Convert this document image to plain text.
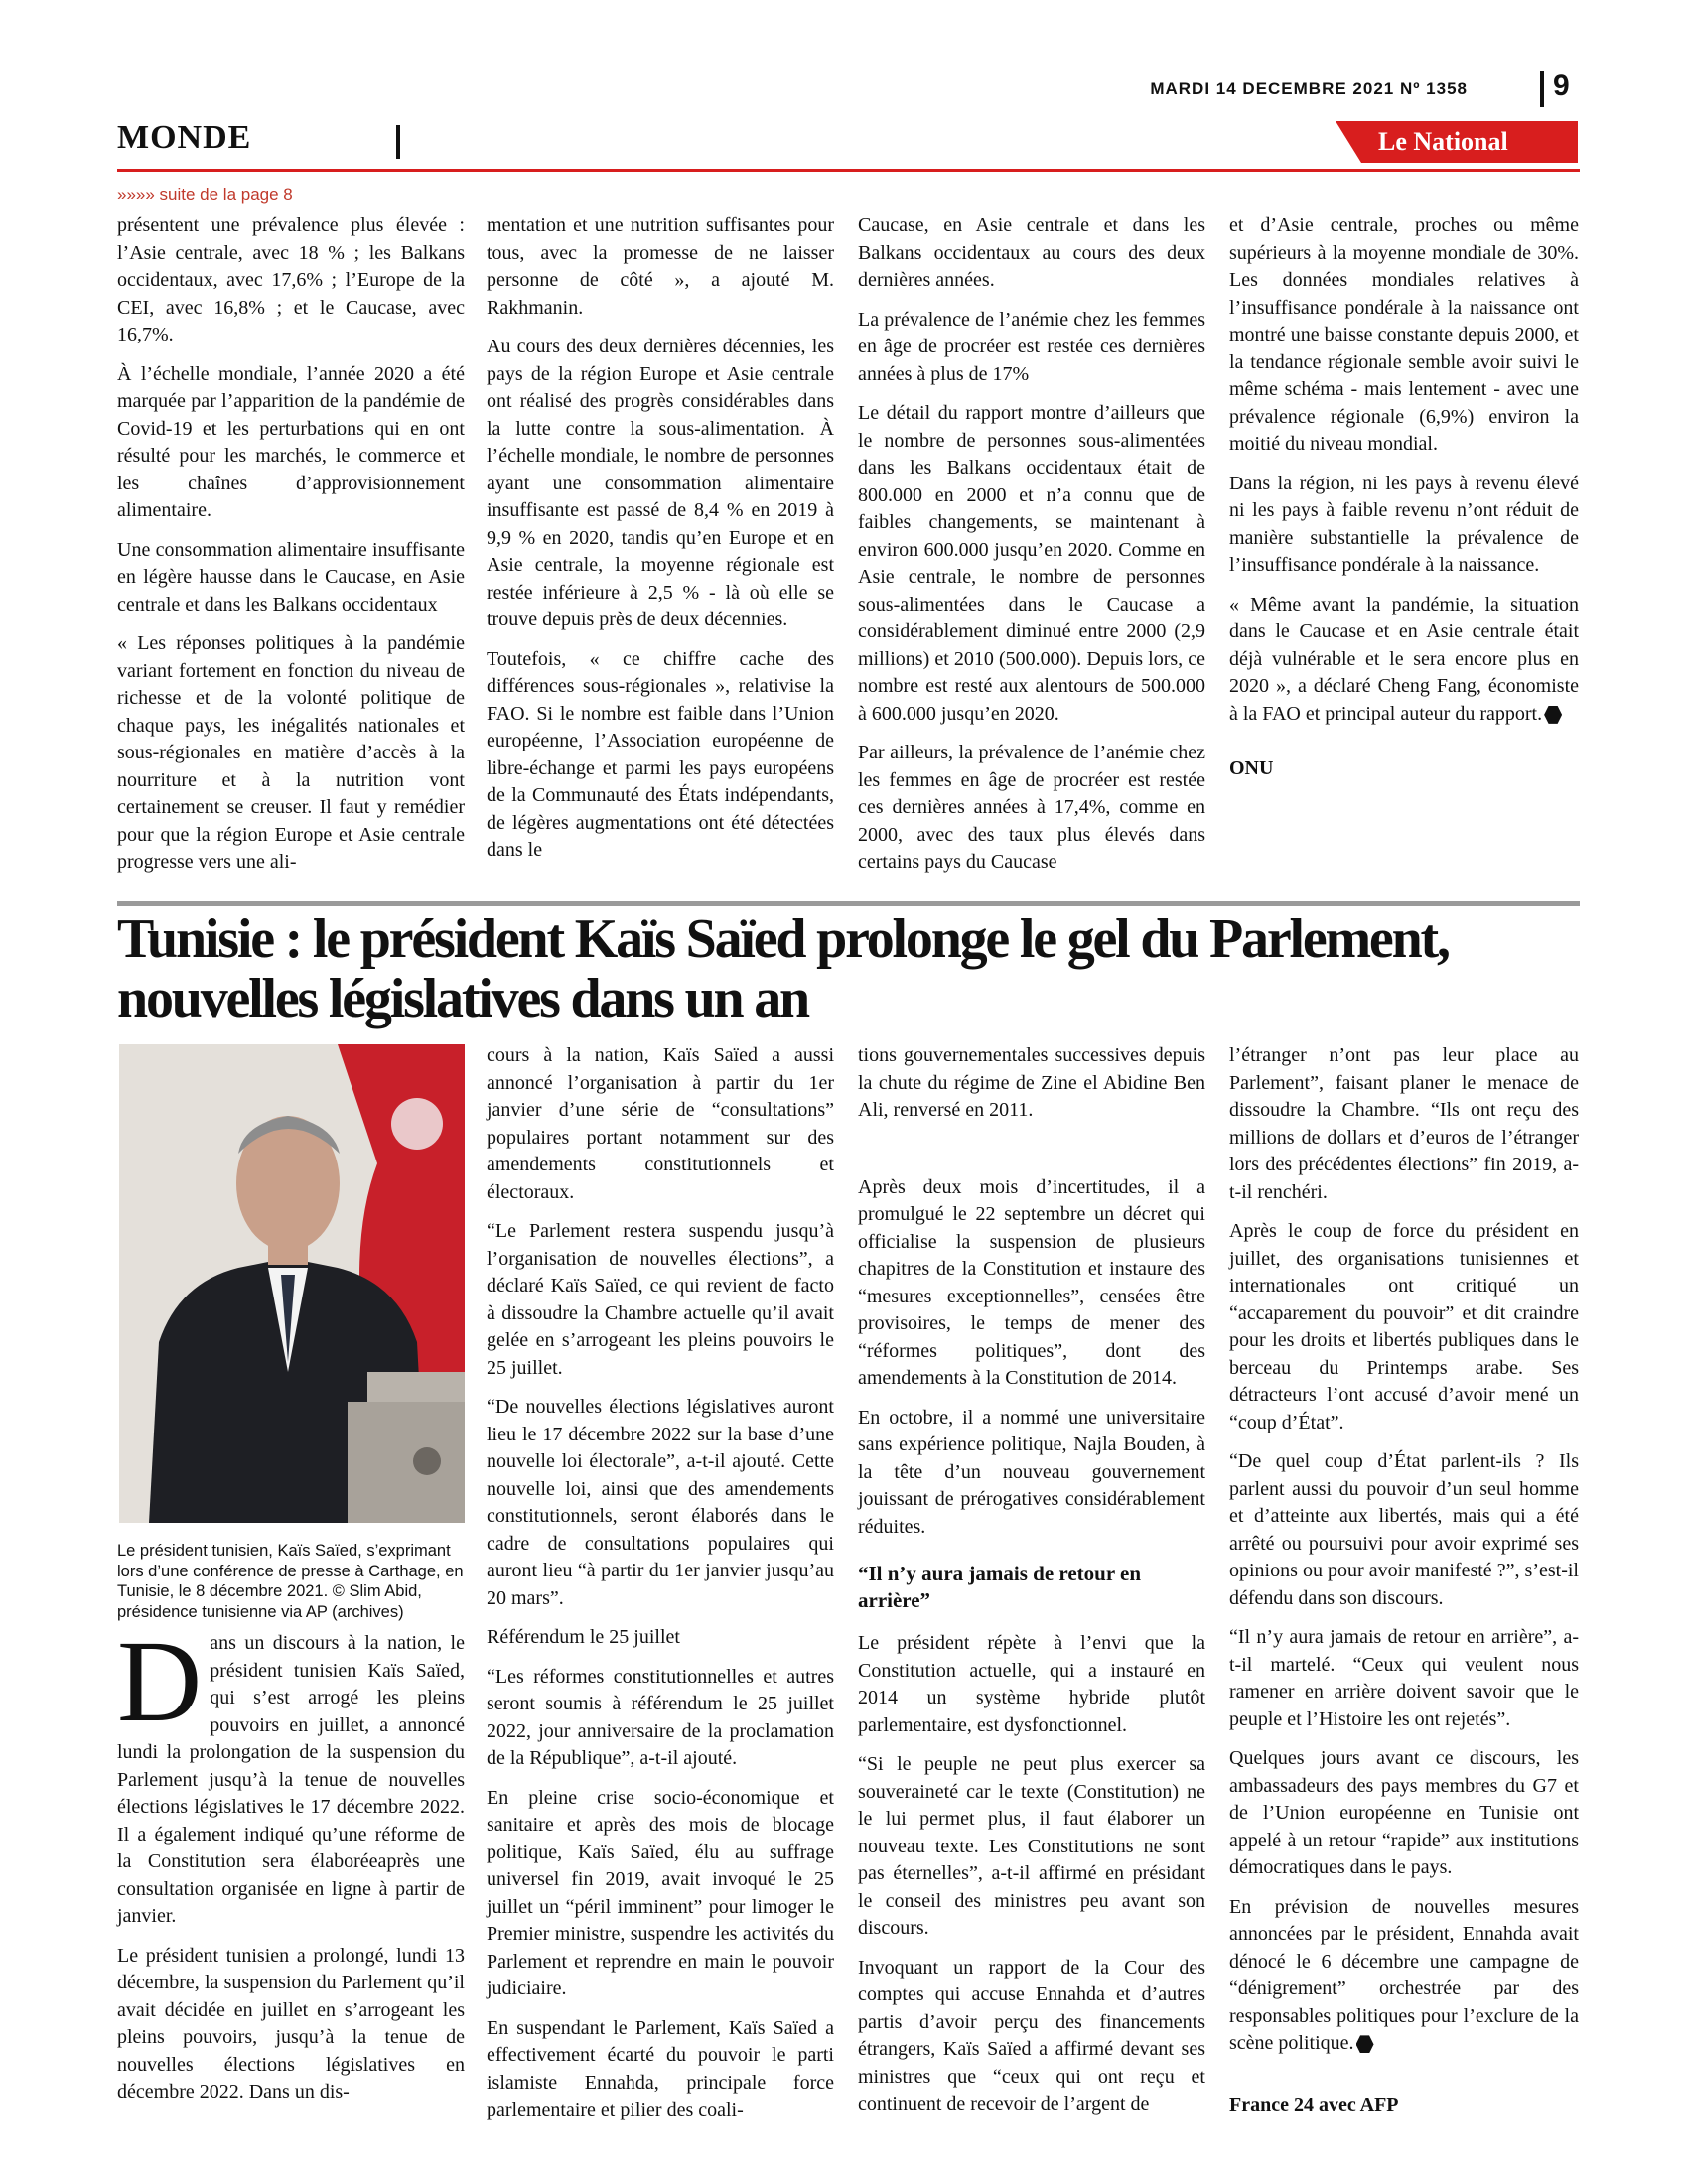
MARDI 14 DECEMBRE 2021 Nº 1358	9
MONDE	Le National
»»»» suite de la page 8

présentent une prévalence plus élevée : l’Asie centrale, avec 18 % ; les Balkans occidentaux, avec 17,6% ; l’Europe de la CEI, avec 16,8% ; et le Caucase, avec 16,7%.

À l’échelle mondiale, l’année 2020 a été marquée par l’apparition de la pandémie de Covid-19 et les perturbations qui en ont résulté pour les marchés, le commerce et les chaînes d’approvisionnement alimentaire.

Une consommation alimentaire insuffisante en légère hausse dans le Caucase, en Asie centrale et dans les Balkans occidentaux

« Les réponses politiques à la pandémie variant fortement en fonction du niveau de richesse et de la volonté politique de chaque pays, les inégalités nationales et sous-régionales en matière d’accès à la nourriture et à la nutrition vont certainement se creuser. Il faut y remédier pour que la région Europe et Asie centrale progresse vers une ali-

mentation et une nutrition suffisantes pour tous, avec la promesse de ne laisser personne de côté », a ajouté M. Rakhmanin.

Au cours des deux dernières décennies, les pays de la région Europe et Asie centrale ont réalisé des progrès considérables dans la lutte contre la sous-alimentation. À l’échelle mondiale, le nombre de personnes ayant une consommation alimentaire insuffisante est passé de 8,4 % en 2019 à 9,9 % en 2020, tandis qu’en Europe et en Asie centrale, la moyenne régionale est restée inférieure à 2,5 % - là où elle se trouve depuis près de deux décennies.

Toutefois, « ce chiffre cache des différences sous-régionales », relativise la FAO. Si le nombre est faible dans l’Union européenne, l’Association européenne de libre-échange et parmi les pays européens de la Communauté des États indépendants, de légères augmentations ont été détectées dans le

Caucase, en Asie centrale et dans les Balkans occidentaux au cours des deux dernières années.

La prévalence de l’anémie chez les femmes en âge de procréer est restée ces dernières années à plus de 17%

Le détail du rapport montre d’ailleurs que le nombre de personnes sous-alimentées dans les Balkans occidentaux était de 800.000 en 2000 et n’a connu que de faibles changements, se maintenant à environ 600.000 jusqu’en 2020. Comme en Asie centrale, le nombre de personnes sous-alimentées dans le Caucase a considérablement diminué entre 2000 (2,9 millions) et 2010 (500.000). Depuis lors, ce nombre est resté aux alentours de 500.000 à 600.000 jusqu’en 2020.

Par ailleurs, la prévalence de l’anémie chez les femmes en âge de procréer est restée ces dernières années à 17,4%, comme en 2000, avec des taux plus élevés dans certains pays du Caucase

et d’Asie centrale, proches ou même supérieurs à la moyenne mondiale de 30%. Les données mondiales relatives à l’insuffisance pondérale à la naissance ont montré une baisse constante depuis 2000, et la tendance régionale semble avoir suivi le même schéma - mais lentement - avec une prévalence régionale (6,9%) environ la moitié du niveau mondial.

Dans la région, ni les pays à revenu élevé ni les pays à faible revenu n’ont réduit de manière substantielle la prévalence de l’insuffisance pondérale à la naissance.

« Même avant la pandémie, la situation dans le Caucase et en Asie centrale était déjà vulnérable et le sera encore plus en 2020 », a déclaré Cheng Fang, économiste à la FAO et principal auteur du rapport.

ONU

Tunisie : le président Kaïs Saïed prolonge le gel du Parlement, nouvelles législatives dans un an
Le président tunisien, Kaïs Saïed, s’exprimant lors d’une conférence de presse à Carthage, en Tunisie, le 8 décembre 2021. © Slim Abid, présidence tunisienne via AP (archives)

Dans un discours à la nation, le président tunisien Kaïs Saïed, qui s’est arrogé les pleins pouvoirs en juillet, a annoncé lundi la prolongation de la suspension du Parlement jusqu’à la tenue de nouvelles élections législatives le 17 décembre 2022. Il a également indiqué qu’une réforme de la Constitution sera élaboréeaprès une consultation organisée en ligne à partir de janvier.

Le président tunisien a prolongé, lundi 13 décembre, la suspension du Parlement qu’il avait décidée en juillet en s’arrogeant les pleins pouvoirs, jusqu’à la tenue de nouvelles élections législatives en décembre 2022. Dans un dis-

cours à la nation, Kaïs Saïed a aussi annoncé l’organisation à partir du 1er janvier d’une série de “consultations” populaires portant notamment sur des amendements constitutionnels et électoraux.

“Le Parlement restera suspendu jusqu’à l’organisation de nouvelles élections”, a déclaré Kaïs Saïed, ce qui revient de facto à dissoudre la Chambre actuelle qu’il avait gelée en s’arrogeant les pleins pouvoirs le 25 juillet.

“De nouvelles élections législatives auront lieu le 17 décembre 2022 sur la base d’une nouvelle loi électorale”, a-t-il ajouté. Cette nouvelle loi, ainsi que des amendements constitutionnels, seront élaborés dans le cadre de consultations populaires qui auront lieu “à partir du 1er janvier jusqu’au 20 mars”.

Référendum le 25 juillet

“Les réformes constitutionnelles et autres seront soumis à référendum le 25 juillet 2022, jour anniversaire de la proclamation de la République”, a-t-il ajouté.

En pleine crise socio-économique et sanitaire et après des mois de blocage politique, Kaïs Saïed, élu au suffrage universel fin 2019, avait invoqué le 25 juillet un “péril imminent” pour limoger le Premier ministre, suspendre les activités du Parlement et reprendre en main le pouvoir judiciaire.

En suspendant le Parlement, Kaïs Saïed a effectivement écarté du pouvoir le parti islamiste Ennahda, principale force parlementaire et pilier des coali-

tions gouvernementales successives depuis la chute du régime de Zine el Abidine Ben Ali, renversé en 2011.

Après deux mois d’incertitudes, il a promulgué le 22 septembre un décret qui officialise la suspension de plusieurs chapitres de la Constitution et instaure des “mesures exceptionnelles”, censées être provisoires, le temps de mener des “réformes politiques”, dont des amendements à la Constitution de 2014.

En octobre, il a nommé une universitaire sans expérience politique, Najla Bouden, à la tête d’un nouveau gouvernement jouissant de prérogatives considérablement réduites.

“Il n’y aura jamais de retour en arrière”

Le président répète à l’envi que la Constitution actuelle, qui a instauré en 2014 un système hybride plutôt parlementaire, est dysfonctionnel.

“Si le peuple ne peut plus exercer sa souveraineté car le texte (Constitution) ne le lui permet plus, il faut élaborer un nouveau texte. Les Constitutions ne sont pas éternelles”, a-t-il affirmé en présidant le conseil des ministres peu avant son discours.

Invoquant un rapport de la Cour des comptes qui accuse Ennahda et d’autres partis d’avoir perçu des financements étrangers, Kaïs Saïed a affirmé devant ses ministres que “ceux qui ont reçu et continuent de recevoir de l’argent de

l’étranger n’ont pas leur place au Parlement”, faisant planer le menace de dissoudre la Chambre. “Ils ont reçu des millions de dollars et d’euros de l’étranger lors des précédentes élections” fin 2019, a-t-il renchéri.

Après le coup de force du président en juillet, des organisations tunisiennes et internationales ont critiqué un “accaparement du pouvoir” et dit craindre pour les droits et libertés publiques dans le berceau du Printemps arabe. Ses détracteurs l’ont accusé d’avoir mené un “coup d’État”.

“De quel coup d’État parlent-ils ? Ils parlent aussi du pouvoir d’un seul homme et d’atteinte aux libertés, mais qui a été arrêté ou poursuivi pour avoir exprimé ses opinions ou pour avoir manifesté ?”, s’est-il défendu dans son discours.

“Il n’y aura jamais de retour en arrière”, a-t-il martelé. “Ceux qui veulent nous ramener en arrière doivent savoir que le peuple et l’Histoire les ont rejetés”.

Quelques jours avant ce discours, les ambassadeurs des pays membres du G7 et de l’Union européenne en Tunisie ont appelé à un retour “rapide” aux institutions démocratiques dans le pays.

En prévision de nouvelles mesures annoncées par le président, Ennahda avait dénocé le 6 décembre une campagne de “dénigrement” orchestrée par des responsables politiques pour l’exclure de la scène politique.

France 24 avec AFP
